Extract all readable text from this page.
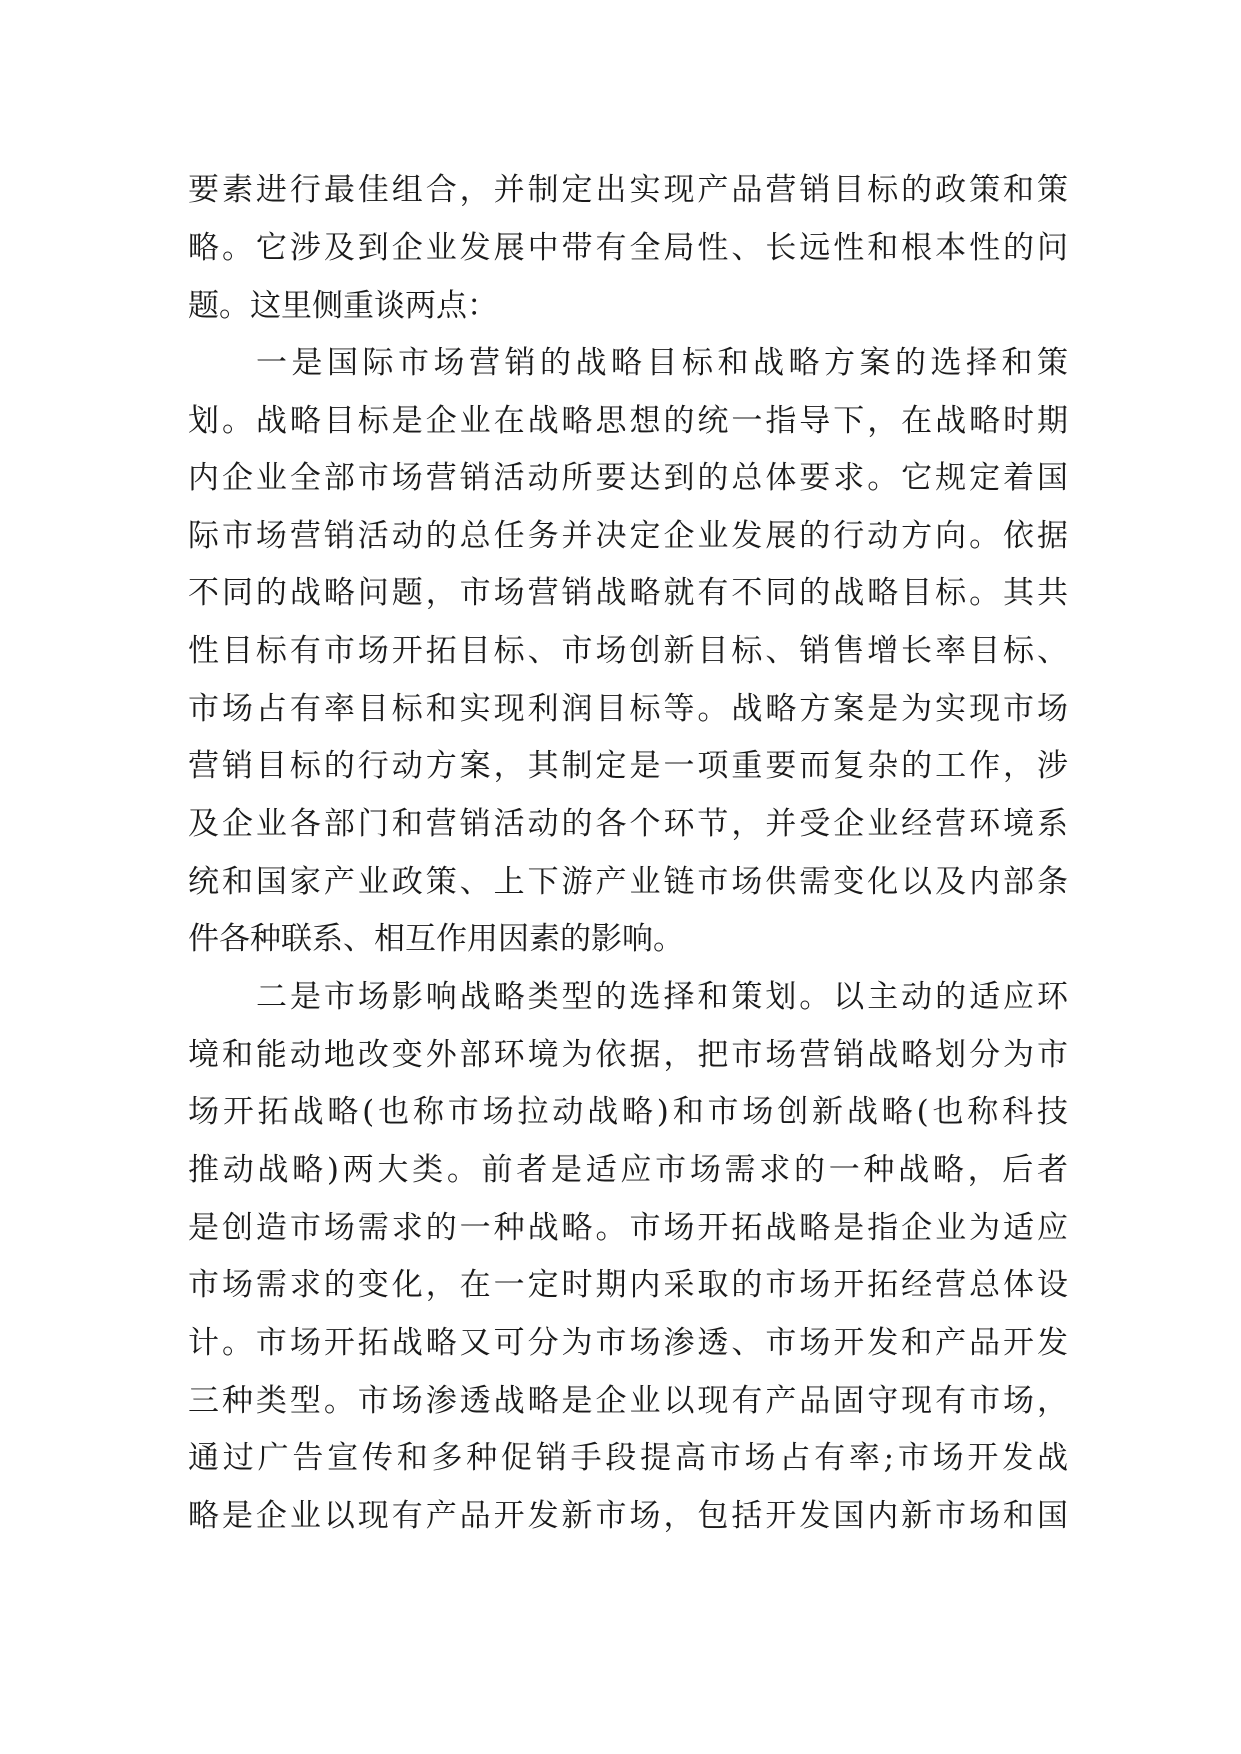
要素进行最佳组合，并制定出实现产品营销目标的政策和策
略。它涉及到企业发展中带有全局性、长远性和根本性的问
题。这里侧重谈两点：
一是国际市场营销的战略目标和战略方案的选择和策
划。战略目标是企业在战略思想的统一指导下，在战略时期
内企业全部市场营销活动所要达到的总体要求。它规定着国
际市场营销活动的总任务并决定企业发展的行动方向。依据
不同的战略问题，市场营销战略就有不同的战略目标。其共
性目标有市场开拓目标、市场创新目标、销售增长率目标、
市场占有率目标和实现利润目标等。战略方案是为实现市场
营销目标的行动方案，其制定是一项重要而复杂的工作，涉
及企业各部门和营销活动的各个环节，并受企业经营环境系
统和国家产业政策、上下游产业链市场供需变化以及内部条
件各种联系、相互作用因素的影响。
二是市场影响战略类型的选择和策划。以主动的适应环
境和能动地改变外部环境为依据，把市场营销战略划分为市
场开拓战略(也称市场拉动战略)和市场创新战略(也称科技
推动战略)两大类。前者是适应市场需求的一种战略，后者
是创造市场需求的一种战略。市场开拓战略是指企业为适应
市场需求的变化，在一定时期内采取的市场开拓经营总体设
计。市场开拓战略又可分为市场渗透、市场开发和产品开发
三种类型。市场渗透战略是企业以现有产品固守现有市场，
通过广告宣传和多种促销手段提高市场占有率;市场开发战
略是企业以现有产品开发新市场，包括开发国内新市场和国
